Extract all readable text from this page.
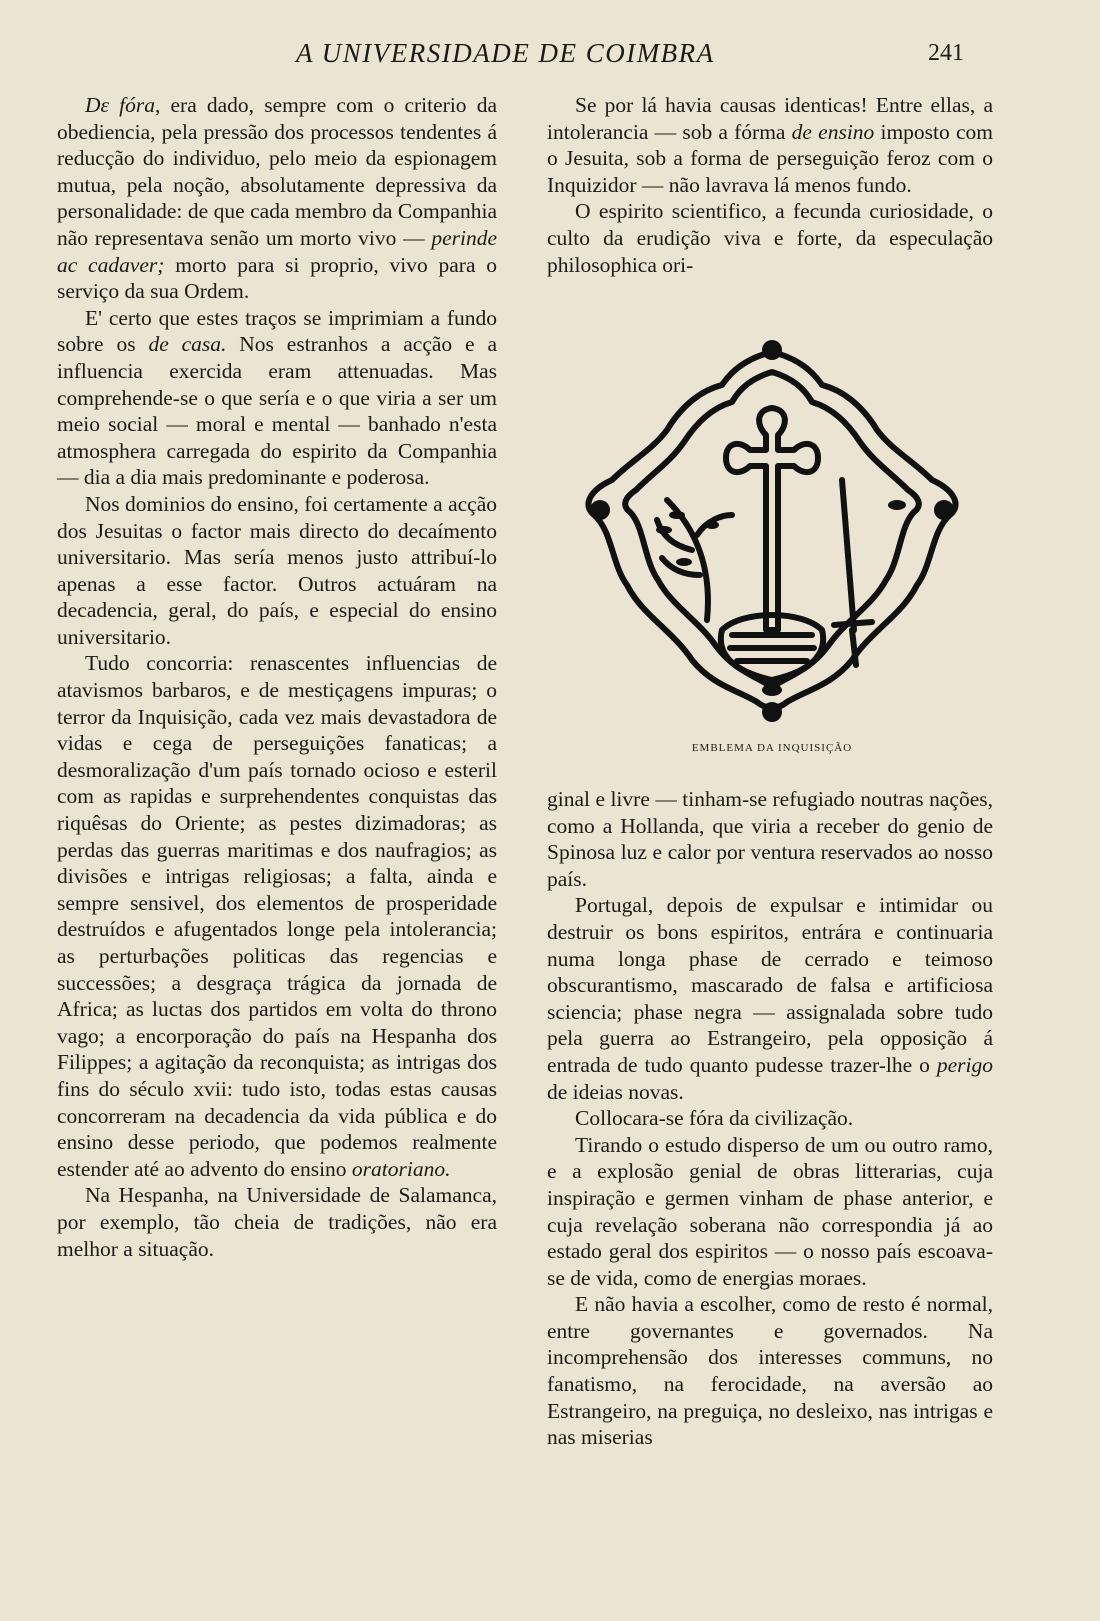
A UNIVERSIDADE DE COIMBRA	241

Dε fóra, era dado, sempre com o criterio da obediencia, pela pressão dos processos tendentes á reducção do individuo, pelo meio da espionagem mutua, pela noção, absolutamente depressiva da personalidade: de que cada membro da Companhia não representava senão um morto vivo — perinde ac cadaver; morto para si proprio, vivo para o serviço da sua Ordem.

E' certo que estes traços se imprimiam a fundo sobre os de casa. Nos estranhos a acção e a influencia exercida eram attenuadas. Mas comprehende-se o que sería e o que viria a ser um meio social — moral e mental — banhado n'esta atmosphera carregada do espirito da Companhia — dia a dia mais predominante e poderosa.

Nos dominios do ensino, foi certamente a acção dos Jesuitas o factor mais directo do decaímento universitario. Mas sería menos justo attribuí-lo apenas a esse factor. Outros actuáram na decadencia, geral, do país, e especial do ensino universitario.

Tudo concorria: renascentes influencias de atavismos barbaros, e de mestiçagens impuras; o terror da Inquisição, cada vez mais devastadora de vidas e cega de perseguições fanaticas; a desmoralização d'um país tornado ocioso e esteril com as rapidas e surprehendentes conquistas das riquêsas do Oriente; as pestes dizimadoras; as perdas das guerras maritimas e dos naufragios; as divisões e intrigas religiosas; a falta, ainda e sempre sensivel, dos elementos de prosperidade destruídos e afugentados longe pela intolerancia; as perturbações politicas das regencias e successões; a desgraça trágica da jornada de Africa; as luctas dos partidos em volta do throno vago; a encorporação do país na Hespanha dos Filippes; a agitação da reconquista; as intrigas dos fins do século xvii: tudo isto, todas estas causas concorreram na decadencia da vida pública e do ensino desse periodo, que podemos realmente estender até ao advento do ensino oratoriano.

Na Hespanha, na Universidade de Salamanca, por exemplo, tão cheia de tradições, não era melhor a situação.

Se por lá havia causas identicas! Entre ellas, a intolerancia — sob a fórma de ensino imposto com o Jesuita, sob a forma de perseguição feroz com o Inquizidor — não lavrava lá menos fundo.

O espirito scientifico, a fecunda curiosidade, o culto da erudição viva e forte, da especulação philosophica ori-

EMBLEMA DA INQUISIÇÃO

ginal e livre — tinham-se refugiado noutras nações, como a Hollanda, que viria a receber do genio de Spinosa luz e calor por ventura reservados ao nosso país.

Portugal, depois de expulsar e intimidar ou destruir os bons espiritos, entrára e continuaria numa longa phase de cerrado e teimoso obscurantismo, mascarado de falsa e artificiosa sciencia; phase negra — assignalada sobre tudo pela guerra ao Estrangeiro, pela opposição á entrada de tudo quanto pudesse trazer-lhe o perigo de ideias novas.

Collocara-se fóra da civilização.

Tirando o estudo disperso de um ou outro ramo, e a explosão genial de obras litterarias, cuja inspiração e germen vinham de phase anterior, e cuja revelação soberana não correspondia já ao estado geral dos espiritos — o nosso país escoava-se de vida, como de energias moraes.

E não havia a escolher, como de resto é normal, entre governantes e governados. Na incomprehensão dos interesses communs, no fanatismo, na ferocidade, na aversão ao Estrangeiro, na preguiça, no desleixo, nas intrigas e nas miserias
